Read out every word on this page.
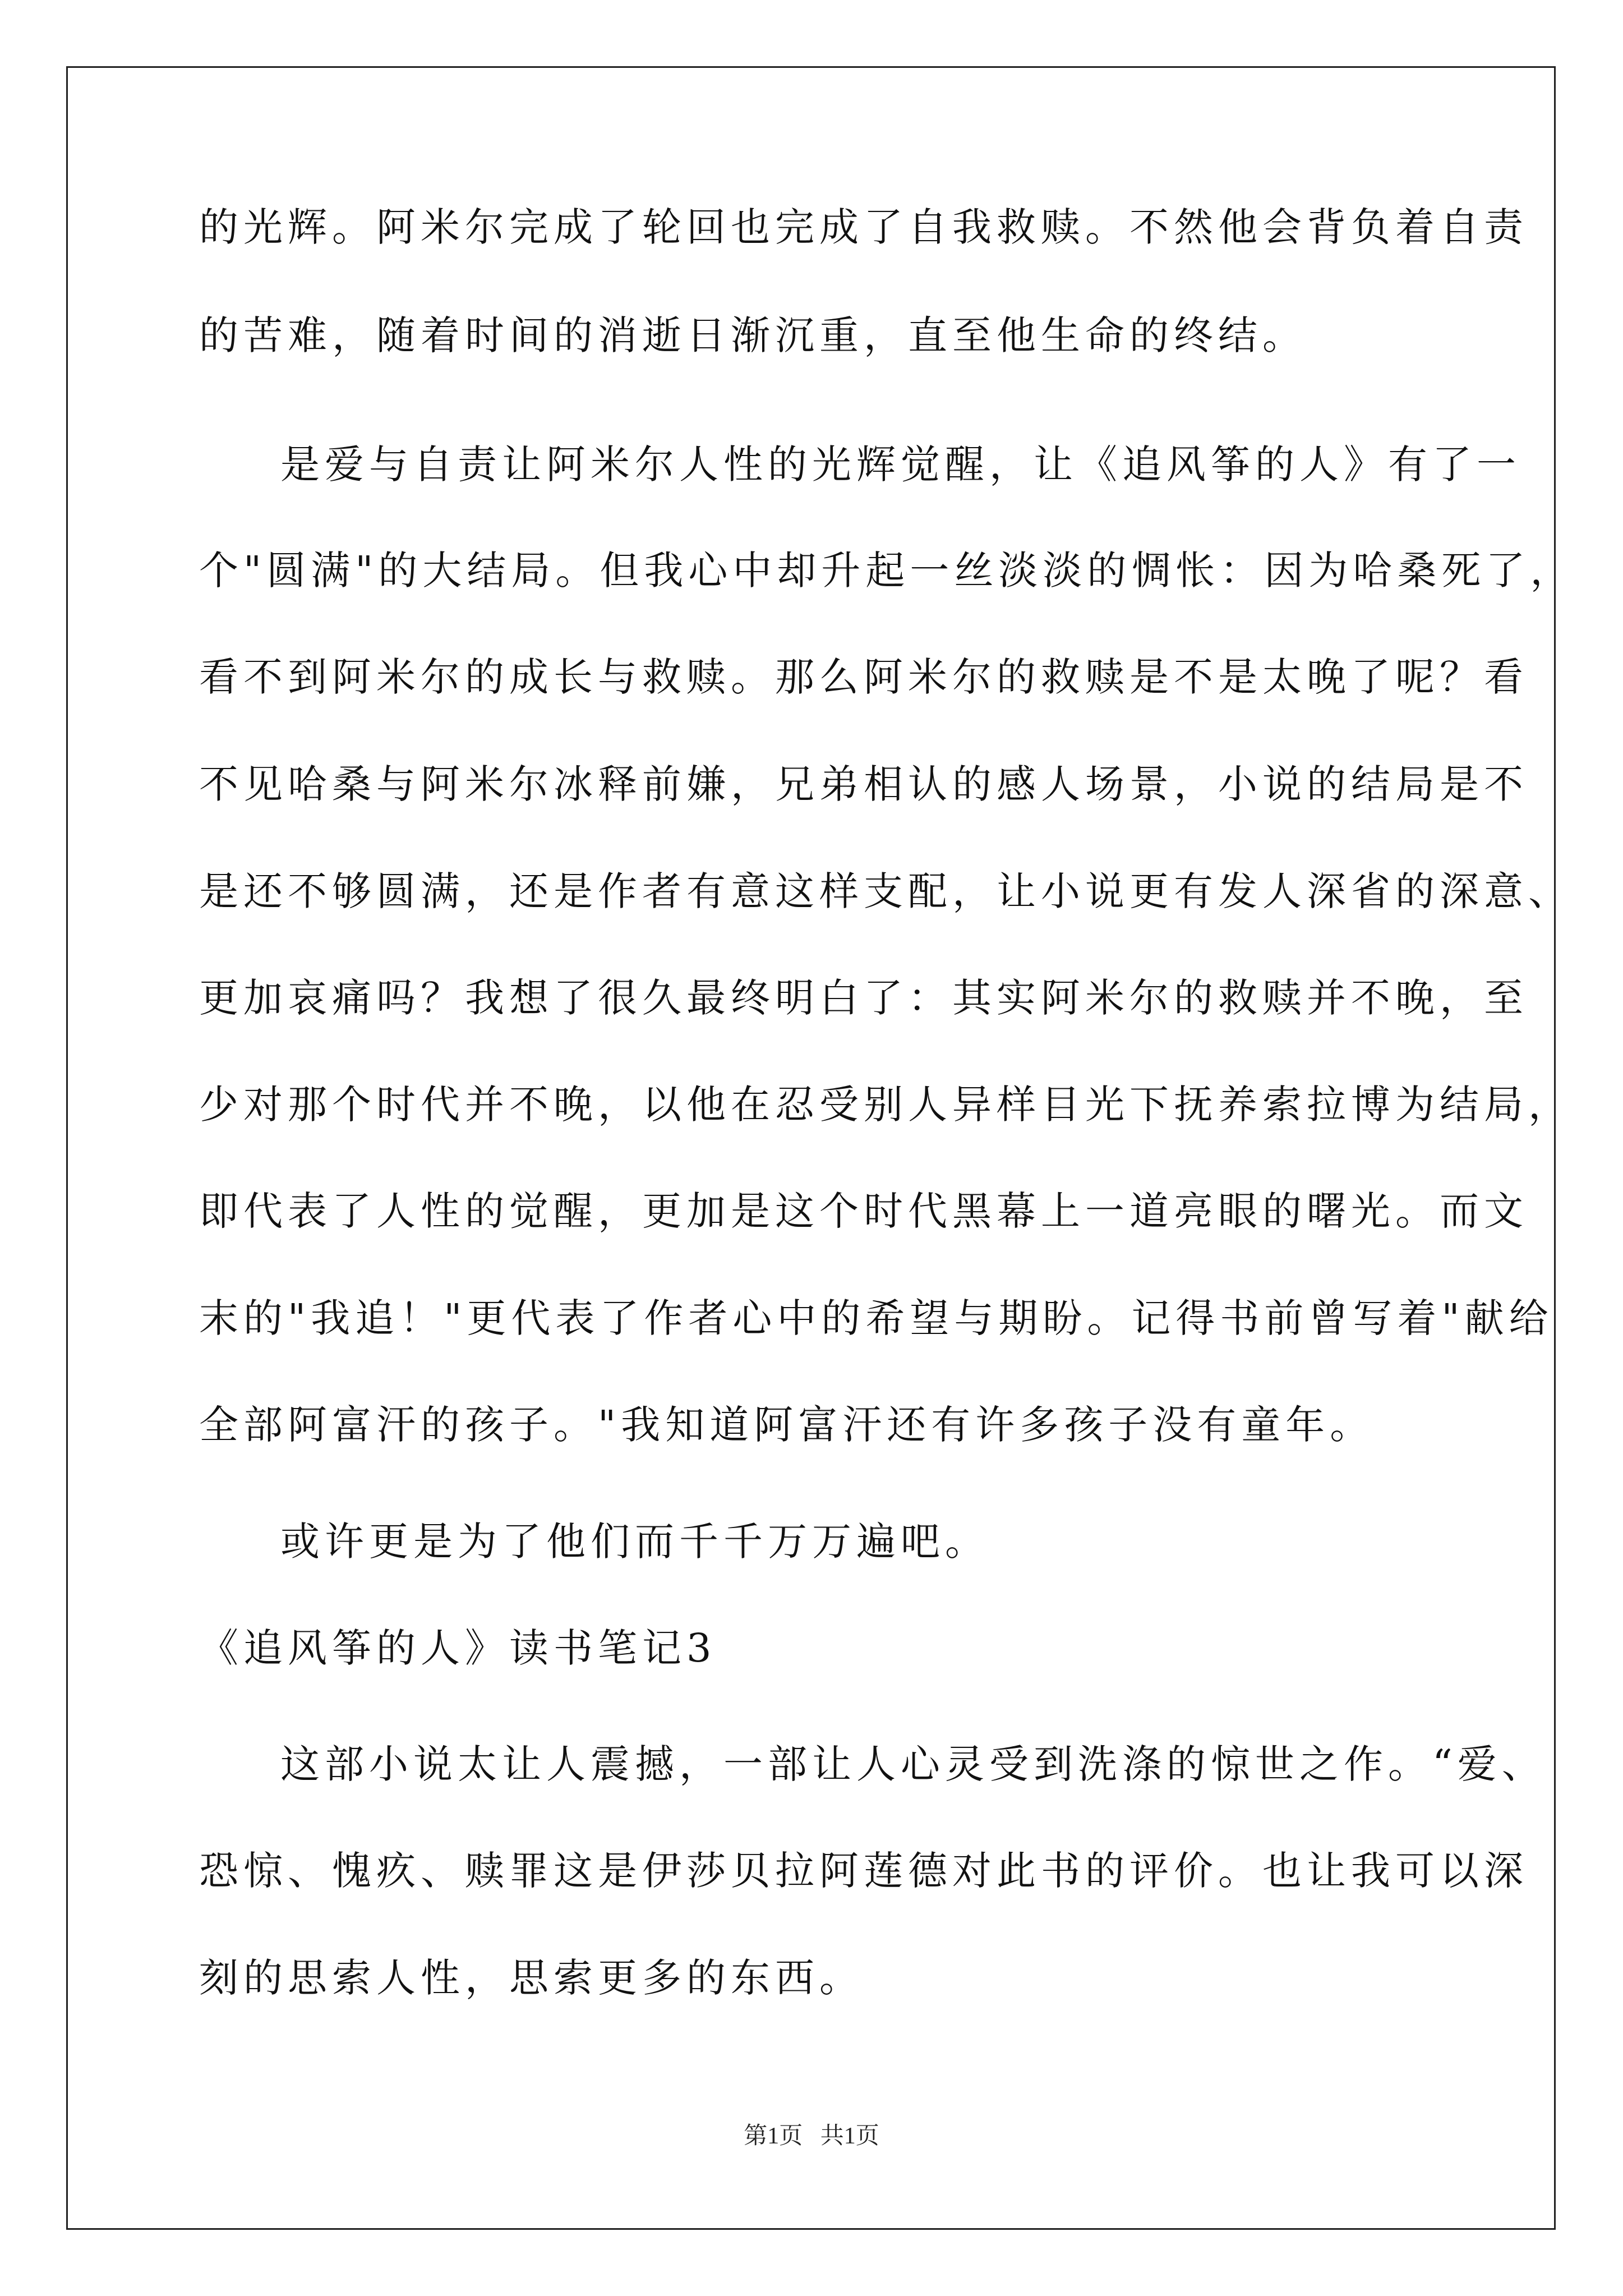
的光辉。阿米尔完成了轮回也完成了自我救赎。不然他会背负着自责
的苦难，随着时间的消逝日渐沉重，直至他生命的终结。
是爱与自责让阿米尔人性的光辉觉醒，让《追风筝的人》有了一
个"圆满"的大结局。但我心中却升起一丝淡淡的惆怅：因为哈桑死了，
看不到阿米尔的成长与救赎。那么阿米尔的救赎是不是太晚了呢？看
不见哈桑与阿米尔冰释前嫌，兄弟相认的感人场景，小说的结局是不
是还不够圆满，还是作者有意这样支配，让小说更有发人深省的深意、
更加哀痛吗？我想了很久最终明白了：其实阿米尔的救赎并不晚，至
少对那个时代并不晚，以他在忍受别人异样目光下抚养索拉博为结局，
即代表了人性的觉醒，更加是这个时代黑幕上一道亮眼的曙光。而文
末的"我追！"更代表了作者心中的希望与期盼。记得书前曾写着"献给
全部阿富汗的孩子。"我知道阿富汗还有许多孩子没有童年。
或许更是为了他们而千千万万遍吧。
《追风筝的人》读书笔记3
这部小说太让人震撼，一部让人心灵受到洗涤的惊世之作。“爱、
恐惊、愧疚、赎罪这是伊莎贝拉阿莲德对此书的评价。也让我可以深
刻的思索人性，思索更多的东西。
第1页   共1页
